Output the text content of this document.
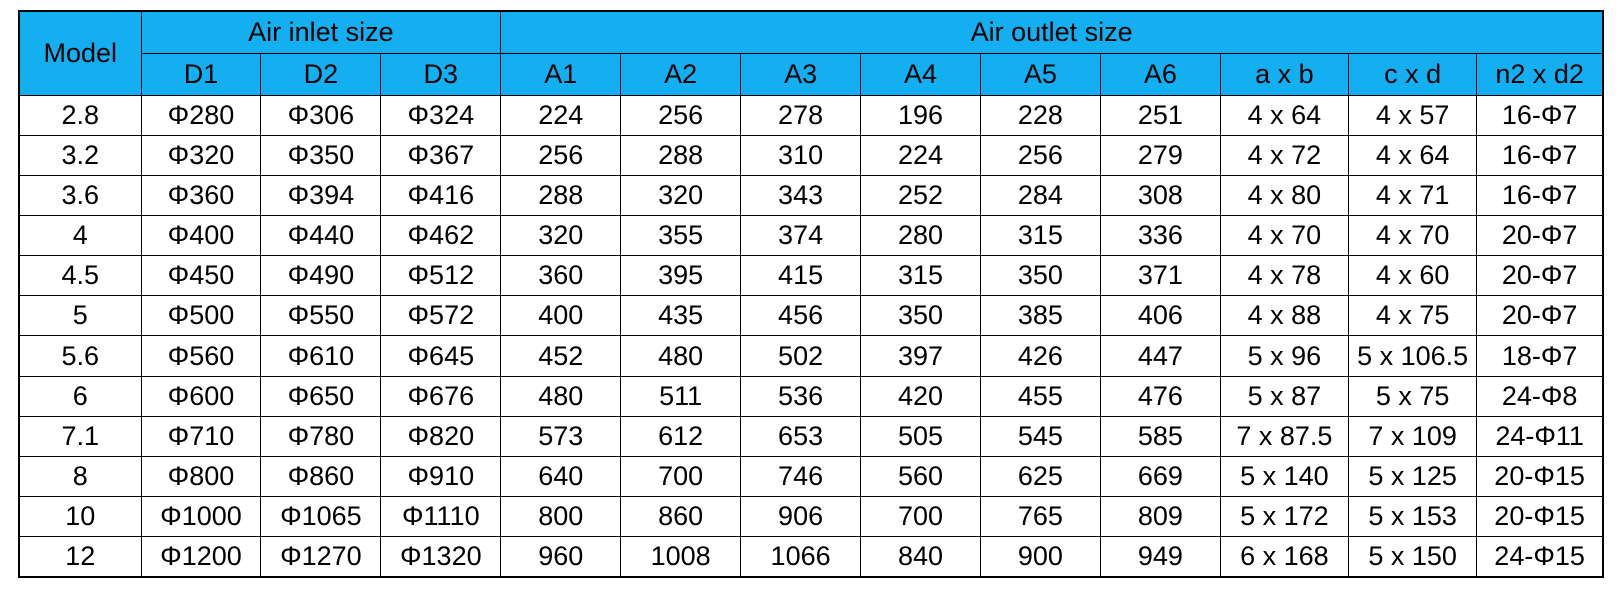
Model	Air inlet size			Air outlet size								
	D1	D2	D3	A1	A2	A3	A4	A5	A6	a x b	c x d	n2 x d2
2.8	Φ280	Φ306	Φ324	224	256	278	196	228	251	4 x 64	4 x 57	16-Φ7
3.2	Φ320	Φ350	Φ367	256	288	310	224	256	279	4 x 72	4 x 64	16-Φ7
3.6	Φ360	Φ394	Φ416	288	320	343	252	284	308	4 x 80	4 x 71	16-Φ7
4	Φ400	Φ440	Φ462	320	355	374	280	315	336	4 x 70	4 x 70	20-Φ7
4.5	Φ450	Φ490	Φ512	360	395	415	315	350	371	4 x 78	4 x 60	20-Φ7
5	Φ500	Φ550	Φ572	400	435	456	350	385	406	4 x 88	4 x 75	20-Φ7
5.6	Φ560	Φ610	Φ645	452	480	502	397	426	447	5 x 96	5 x 106.5	18-Φ7
6	Φ600	Φ650	Φ676	480	511	536	420	455	476	5 x 87	5 x 75	24-Φ8
7.1	Φ710	Φ780	Φ820	573	612	653	505	545	585	7 x 87.5	7 x 109	24-Φ11
8	Φ800	Φ860	Φ910	640	700	746	560	625	669	5 x 140	5 x 125	20-Φ15
10	Φ1000	Φ1065	Φ1110	800	860	906	700	765	809	5 x 172	5 x 153	20-Φ15
12	Φ1200	Φ1270	Φ1320	960	1008	1066	840	900	949	6 x 168	5 x 150	24-Φ15
